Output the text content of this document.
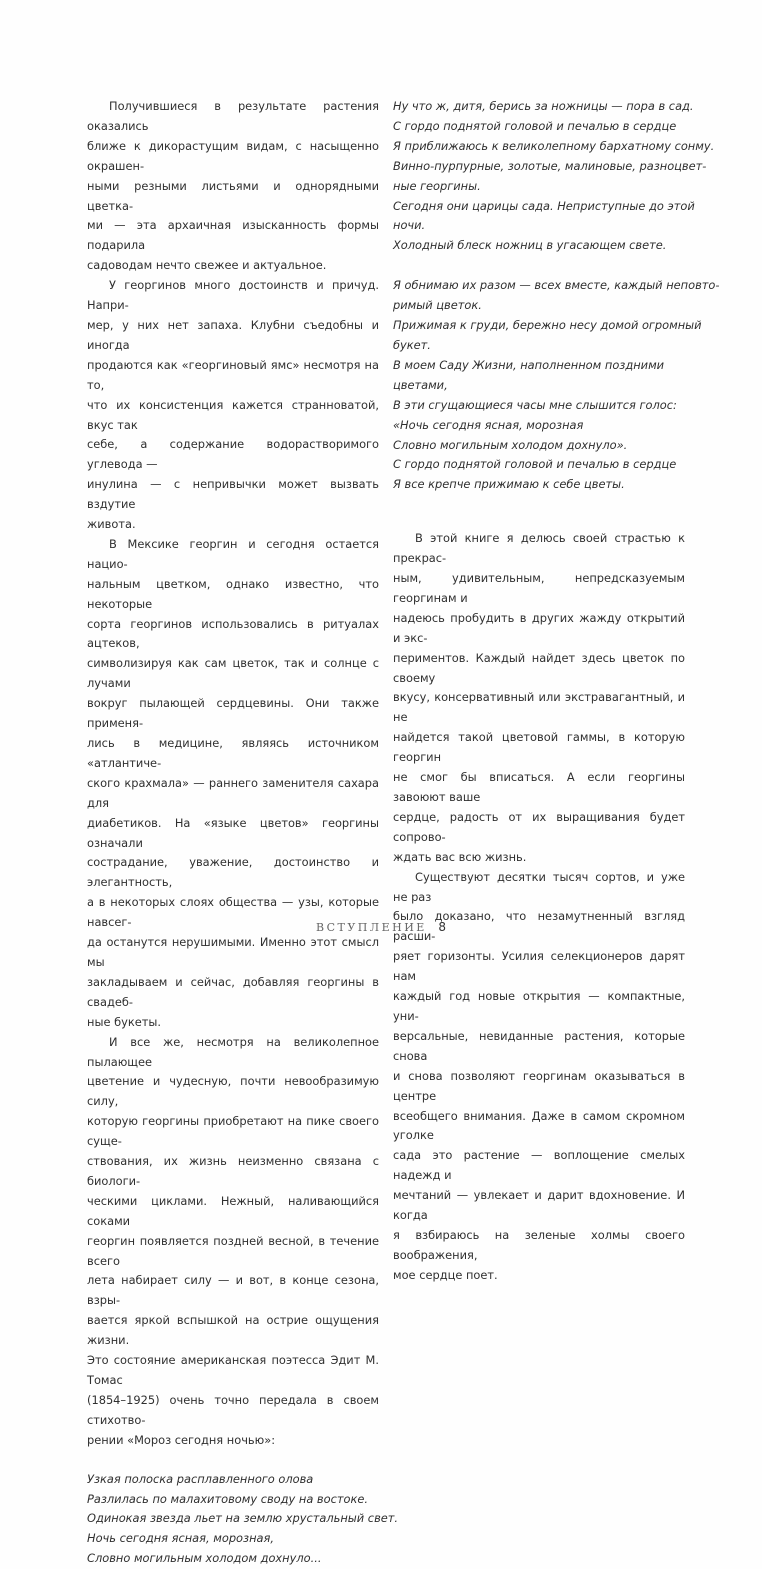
Получившиеся в результате растения оказались
ближе к дикорастущим видам, с насыщенно окрашен-
ными резными листьями и однорядными цветка-
ми — эта архаичная изысканность формы подарила
садоводам нечто свежее и актуальное.

У георгинов много достоинств и причуд. Напри-
мер, у них нет запаха. Клубни съедобны и иногда
продаются как «георгиновый ямс» несмотря на то,
что их консистенция кажется странноватой, вкус так
себе, а содержание водорастворимого углевода —
инулина — с непривычки может вызвать вздутие
живота.

В Мексике георгин и сегодня остается нацио-
нальным цветком, однако известно, что некоторые
сорта георгинов использовались в ритуалах ацтеков,
символизируя как сам цветок, так и солнце с лучами
вокруг пылающей сердцевины. Они также применя-
лись в медицине, являясь источником «атлантиче-
ского крахмала» — раннего заменителя сахара для
диабетиков. На «языке цветов» георгины означали
сострадание, уважение, достоинство и элегантность,
а в некоторых слоях общества — узы, которые навсег-
да останутся нерушимыми. Именно этот смысл мы
закладываем и сейчас, добавляя георгины в свадеб-
ные букеты.

И все же, несмотря на великолепное пылающее
цветение и чудесную, почти невообразимую силу,
которую георгины приобретают на пике своего суще-
ствования, их жизнь неизменно связана с биологи-
ческими циклами. Нежный, наливающийся соками
георгин появляется поздней весной, в течение всего
лета набирает силу — и вот, в конце сезона, взры-
вается яркой вспышкой на острие ощущения жизни.
Это состояние американская поэтесса Эдит М. Томас
(1854–1925) очень точно передала в своем стихотво-
рении «Мороз сегодня ночью»:

Узкая полоска расплавленного олова
Разлилась по малахитовому своду на востоке.
Одинокая звезда льет на землю хрустальный свет.
Ночь сегодня ясная, морозная,
Словно могильным холодом дохнуло...
Ну что ж, дитя, берись за ножницы — пора в сад.
С гордо поднятой головой и печалью в сердце
Я приближаюсь к великолепному бархатному сонму.
Винно-пурпурные, золотые, малиновые, разноцвет-
ные георгины.
Сегодня они царицы сада. Неприступные до этой
ночи.
Холодный блеск ножниц в угасающем свете.
Я обнимаю их разом — всех вместе, каждый неповто-
римый цветок.
Прижимая к груди, бережно несу домой огромный
букет.
В моем Саду Жизни, наполненном поздними
цветами,
В эти сгущающиеся часы мне слышится голос:
«Ночь сегодня ясная, морозная
Словно могильным холодом дохнуло».
С гордо поднятой головой и печалью в сердце
Я все крепче прижимаю к себе цветы.

В этой книге я делюсь своей страстью к прекрас-
ным, удивительным, непредсказуемым георгинам и
надеюсь пробудить в других жажду открытий и экс-
периментов. Каждый найдет здесь цветок по своему
вкусу, консервативный или экстравагантный, и не
найдется такой цветовой гаммы, в которую георгин
не смог бы вписаться. А если георгины завоюют ваше
сердце, радость от их выращивания будет сопрово-
ждать вас всю жизнь.

Существуют десятки тысяч сортов, и уже не раз
было доказано, что незамутненный взгляд расши-
ряет горизонты. Усилия селекционеров дарят нам
каждый год новые открытия — компактные, уни-
версальные, невиданные растения, которые снова
и снова позволяют георгинам оказываться в центре
всеобщего внимания. Даже в самом скромном уголке
сада это растение — воплощение смелых надежд и
мечтаний — увлекает и дарит вдохновение. И когда
я взбираюсь на зеленые холмы своего воображения,
мое сердце поет.

ВСТУПЛЕНИЕ 8
